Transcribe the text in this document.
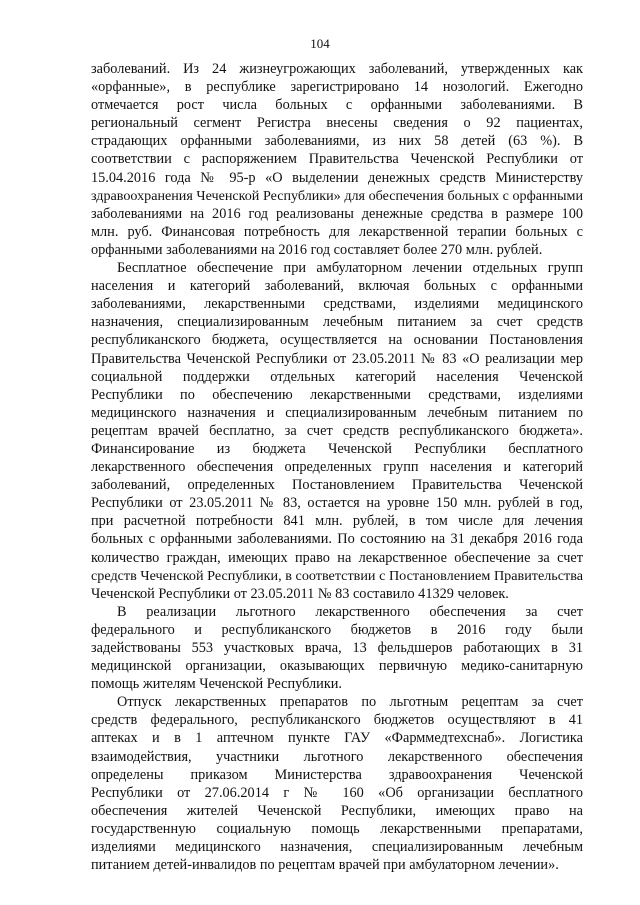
104
заболеваний. Из 24 жизнеугрожающих заболеваний, утвержденных как
«орфанные», в республике зарегистрировано 14 нозологий. Ежегодно
отмечается рост числа больных с орфанными заболеваниями. В
региональный сегмент Регистра внесены сведения о 92 пациентах,
страдающих орфанными заболеваниями, из них 58 детей (63 %). В
соответствии с распоряжением Правительства Чеченской Республики от
15.04.2016 года № 95-р «О выделении денежных средств Министерству
здравоохранения Чеченской Республики» для обеспечения больных с орфанными
заболеваниями на 2016 год реализованы денежные средства в размере 100
млн. руб. Финансовая потребность для лекарственной терапии больных с
орфанными заболеваниями на 2016 год составляет более 270 млн. рублей.
Бесплатное обеспечение при амбулаторном лечении отдельных групп
населения и категорий заболеваний, включая больных с орфанными
заболеваниями, лекарственными средствами, изделиями медицинского
назначения, специализированным лечебным питанием за счет средств
республиканского бюджета, осуществляется на основании Постановления
Правительства Чеченской Республики от 23.05.2011 № 83 «О реализации мер
социальной поддержки отдельных категорий населения Чеченской
Республики по обеспечению лекарственными средствами, изделиями
медицинского назначения и специализированным лечебным питанием по
рецептам врачей бесплатно, за счет средств республиканского бюджета».
Финансирование из бюджета Чеченской Республики бесплатного
лекарственного обеспечения определенных групп населения и категорий
заболеваний, определенных Постановлением Правительства Чеченской
Республики от 23.05.2011 № 83, остается на уровне 150 млн. рублей в год,
при расчетной потребности 841 млн. рублей, в том числе для лечения
больных с орфанными заболеваниями. По состоянию на 31 декабря 2016 года
количество граждан, имеющих право на лекарственное обеспечение за счет
средств Чеченской Республики, в соответствии с Постановлением Правительства
Чеченской Республики от 23.05.2011 № 83 составило 41329 человек.
В реализации льготного лекарственного обеспечения за счет
федерального и республиканского бюджетов в 2016 году были
задействованы 553 участковых врача, 13 фельдшеров работающих в 31
медицинской организации, оказывающих первичную медико-санитарную
помощь жителям Чеченской Республики.
Отпуск лекарственных препаратов по льготным рецептам за счет
средств федерального, республиканского бюджетов осуществляют в 41
аптеках и в 1 аптечном пункте ГАУ «Фарммедтехснаб». Логистика
взаимодействия, участники льготного лекарственного обеспечения
определены приказом Министерства здравоохранения Чеченской
Республики от 27.06.2014 г № 160 «Об организации бесплатного
обеспечения жителей Чеченской Республики, имеющих право на
государственную социальную помощь лекарственными препаратами,
изделиями медицинского назначения, специализированным лечебным
питанием детей-инвалидов по рецептам врачей при амбулаторном лечении».
